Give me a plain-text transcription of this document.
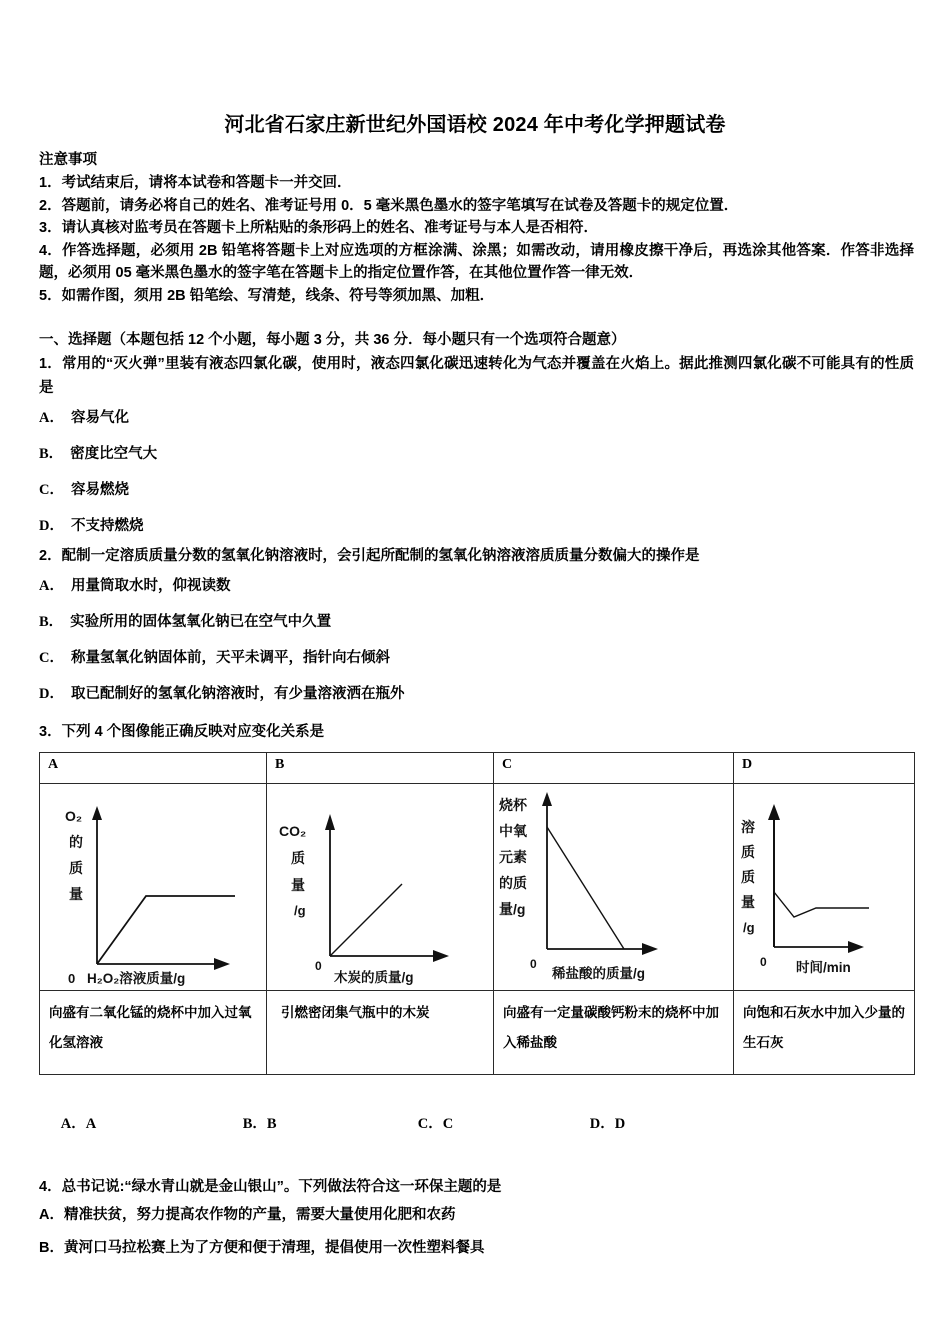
河北省石家庄新世纪外国语校 2024 年中考化学押题试卷
注意事项
1．考试结束后，请将本试卷和答题卡一并交回．
2．答题前，请务必将自己的姓名、准考证号用 0．5 毫米黑色墨水的签字笔填写在试卷及答题卡的规定位置．
3．请认真核对监考员在答题卡上所粘贴的条形码上的姓名、准考证号与本人是否相符．
4．作答选择题，必须用 2B 铅笔将答题卡上对应选项的方框涂满、涂黑；如需改动，请用橡皮擦干净后，再选涂其他答案．作答非选择题，必须用 05 毫米黑色墨水的签字笔在答题卡上的指定位置作答，在其他位置作答一律无效．
5．如需作图，须用 2B 铅笔绘、写清楚，线条、符号等须加黑、加粗．
一、选择题（本题包括 12 个小题，每小题 3 分，共 36 分．每小题只有一个选项符合题意）
1．常用的“灭火弹”里装有液态四氯化碳，使用时，液态四氯化碳迅速转化为气态并覆盖在火焰上。据此推测四氯化碳不可能具有的性质是
A． 容易气化
B． 密度比空气大
C． 容易燃烧
D． 不支持燃烧
2．配制一定溶质质量分数的氢氧化钠溶液时，会引起所配制的氢氧化钠溶液溶质质量分数偏大的操作是
A． 用量筒取水时，仰视读数
B． 实验所用的固体氢氧化钠已在空气中久置
C． 称量氢氧化钠固体前，天平未调平，指针向右倾斜
D． 取已配制好的氢氧化钠溶液时，有少量溶液洒在瓶外
3．下列 4 个图像能正确反映对应变化关系是
A	B	C	D

O₂
的
质
量
0 H₂O₂溶液质量/g

CO₂
质
量
/g
0
木炭的质量/g

烧杯
中氧
元素
的质
量/g
0
稀盐酸的质量/g

溶
质
质
量
/g
0 时间/min

向盛有二氧化锰的烧杯中加入过氧化氢溶液	引燃密闭集气瓶中的木炭	向盛有一定量碳酸钙粉末的烧杯中加入稀盐酸	向饱和石灰水中加入少量的生石灰

A．A	B．B	C．C	D．D

4．总书记说:“绿水青山就是金山银山”。下列做法符合这一环保主题的是
A．精准扶贫，努力提高农作物的产量，需要大量使用化肥和农药
B．黄河口马拉松赛上为了方便和便于清理，提倡使用一次性塑料餐具
